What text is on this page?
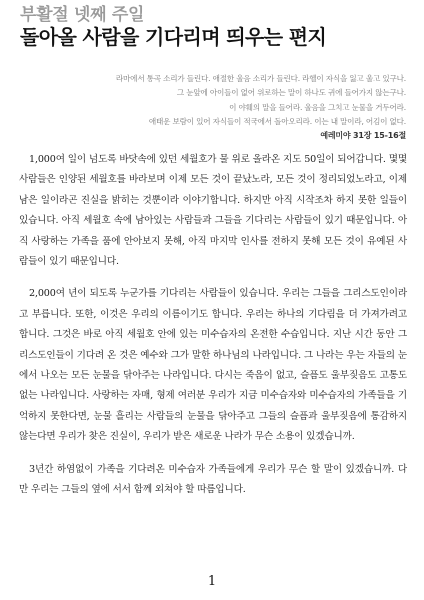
부활절 넷째 주일
돌아올 사람을 기다리며 띄우는 편지
라마에서 통곡 소리가 들린다. 애절한 울음 소리가 들린다. 라헬이 자식을 잃고 울고 있구나.
그 눈앞에 아이들이 없어 위로하는 말이 하나도 귀에 들어가지 않는구나.
이 야훼의 말을 들어라. 울음을 그치고 눈물을 거두어라.
애태운 보람이 있어 자식들이 적국에서 돌아오리라. 이는 내 말이라, 어김이 없다.
예레미야 31장 15-16절

1,000여 일이 넘도록 바닷속에 있던 세월호가 물 위로 올라온 지도 50일이 되어갑니다. 몇몇 사람들은 인양된 세월호를 바라보며 이제 모든 것이 끝났노라, 모든 것이 정리되었노라고, 이제 남은 일이라곤 진실을 밝히는 것뿐이라 이야기합니다. 하지만 아직 시작조차 하지 못한 일들이 있습니다. 아직 세월호 속에 남아있는 사람들과 그들을 기다리는 사람들이 있기 때문입니다. 아직 사랑하는 가족을 품에 안아보지 못해, 아직 마지막 인사를 전하지 못해 모든 것이 유예된 사람들이 있기 때문입니다.

2,000여 년이 되도록 누군가를 기다리는 사람들이 있습니다. 우리는 그들을 그리스도인이라고 부릅니다. 또한, 이것은 우리의 이름이기도 합니다. 우리는 하나의 기다림을 더 가져가려고 합니다. 그것은 바로 아직 세월호 안에 있는 미수습자의 온전한 수습입니다. 지난 시간 동안 그리스도인들이 기다려 온 것은 예수와 그가 말한 하나님의 나라입니다. 그 나라는 우는 자들의 눈에서 나오는 모든 눈물을 닦아주는 나라입니다. 다시는 죽음이 없고, 슬픔도 울부짖음도 고통도 없는 나라입니다. 사랑하는 자매, 형제 여러분 우리가 지금 미수습자와 미수습자의 가족들을 기억하지 못한다면, 눈물 흘리는 사람들의 눈물을 닦아주고 그들의 슬픔과 울부짖음에 통감하지 않는다면 우리가 찾은 진실이, 우리가 받은 새로운 나라가 무슨 소용이 있겠습니까.

3년간 하염없이 가족을 기다려온 미수습자 가족들에게 우리가 무슨 할 말이 있겠습니까. 다만 우리는 그들의 옆에 서서 함께 외쳐야 할 따름입니다.

1
